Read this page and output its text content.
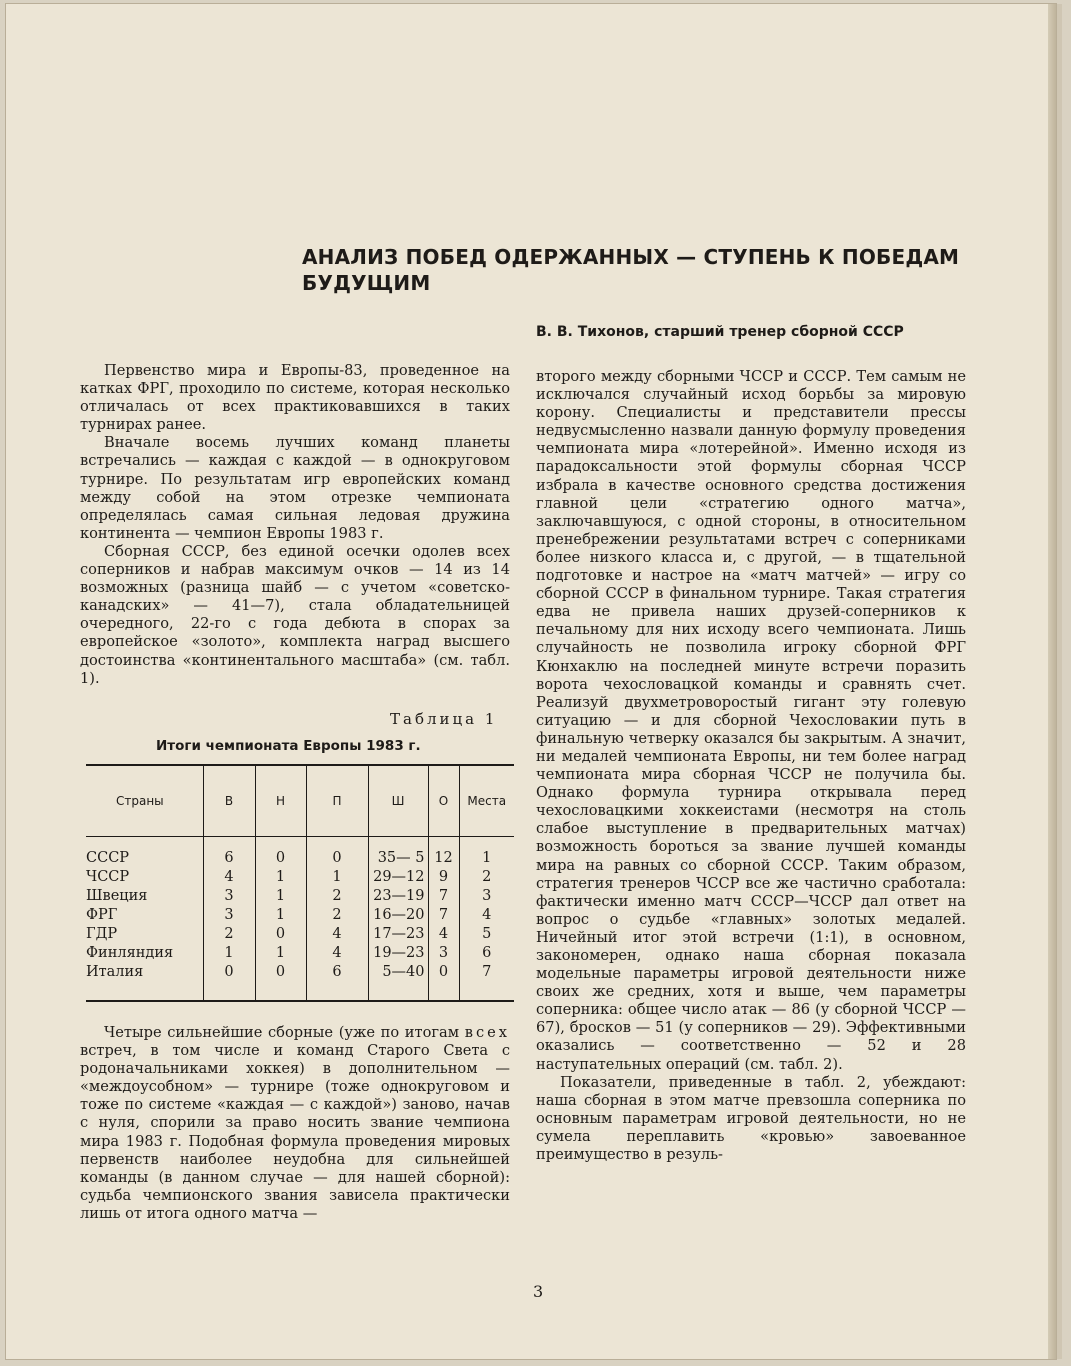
АНАЛИЗ ПОБЕД ОДЕРЖАННЫХ — СТУПЕНЬ К ПОБЕДАМ БУДУЩИМ
В. В. Тихонов, старший тренер сборной СССР

Первенство мира и Европы-83, проведенное на катках ФРГ, проходило по системе, которая несколько отличалась от всех практиковавшихся в таких турнирах ранее.

Вначале восемь лучших команд планеты встречались — каждая с каждой — в однокруговом турнире. По результатам игр европейских команд между собой на этом отрезке чемпионата определялась самая сильная ледовая дружина континента — чемпион Европы 1983 г.

Сборная СССР, без единой осечки одолев всех соперников и набрав максимум очков — 14 из 14 возможных (разница шайб — с учетом «советско-канадских» — 41—7), стала обладательницей очередного, 22-го с года дебюта в спорах за европейское «золото», комплекта наград высшего достоинства «континентального масштаба» (см. табл. 1).

Таблица 1
Итоги чемпионата Европы 1983 г.
Страны	В	Н	П	Ш	О	Места
СССР	6	0	0	35— 5	12	1
ЧССР	4	1	1	29—12	9	2
Швеция	3	1	2	23—19	7	3
ФРГ	3	1	2	16—20	7	4
ГДР	2	0	4	17—23	4	5
Финляндия	1	1	4	19—23	3	6
Италия	0	0	6	5—40	0	7

Четыре сильнейшие сборные (уже по итогам всех встреч, в том числе и команд Старого Света с родоначальниками хоккея) в дополнительном — «междоусобном» — турнире (тоже однокруговом и тоже по системе «каждая — с каждой») заново, начав с нуля, спорили за право носить звание чемпиона мира 1983 г. Подобная формула проведения мировых первенств наиболее неудобна для сильнейшей команды (в данном случае — для нашей сборной): судьба чемпионского звания зависела практически лишь от итога одного матча —

второго между сборными ЧССР и СССР. Тем самым не исключался случайный исход борьбы за мировую корону. Специалисты и представители прессы недвусмысленно назвали данную формулу проведения чемпионата мира «лотерейной». Именно исходя из парадоксальности этой формулы сборная ЧССР избрала в качестве основного средства достижения главной цели «стратегию одного матча», заключавшуюся, с одной стороны, в относительном пренебрежении результатами встреч с соперниками более низкого класса и, с другой, — в тщательной подготовке и настрое на «матч матчей» — игру со сборной СССР в финальном турнире. Такая стратегия едва не привела наших друзей-соперников к печальному для них исходу всего чемпионата. Лишь случайность не позволила игроку сборной ФРГ Кюнхаклю на последней минуте встречи поразить ворота чехословацкой команды и сравнять счет. Реализуй двухметроворостый гигант эту голевую ситуацию — и для сборной Чехословакии путь в финальную четверку оказался бы закрытым. А значит, ни медалей чемпионата Европы, ни тем более наград чемпионата мира сборная ЧССР не получила бы. Однако формула турнира открывала перед чехословацкими хоккеистами (несмотря на столь слабое выступление в предварительных матчах) возможность бороться за звание лучшей команды мира на равных со сборной СССР. Таким образом, стратегия тренеров ЧССР все же частично сработала: фактически именно матч СССР—ЧССР дал ответ на вопрос о судьбе «главных» золотых медалей. Ничейный итог этой встречи (1:1), в основном, закономерен, однако наша сборная показала модельные параметры игровой деятельности ниже своих же средних, хотя и выше, чем параметры соперника: общее число атак — 86 (у сборной ЧССР — 67), бросков — 51 (у соперников — 29). Эффективными оказались — соответственно — 52 и 28 наступательных операций (см. табл. 2).

Показатели, приведенные в табл. 2, убеждают: наша сборная в этом матче превзошла соперника по основным параметрам игровой деятельности, но не сумела переплавить «кровью» завоеванное преимущество в резуль-

3
